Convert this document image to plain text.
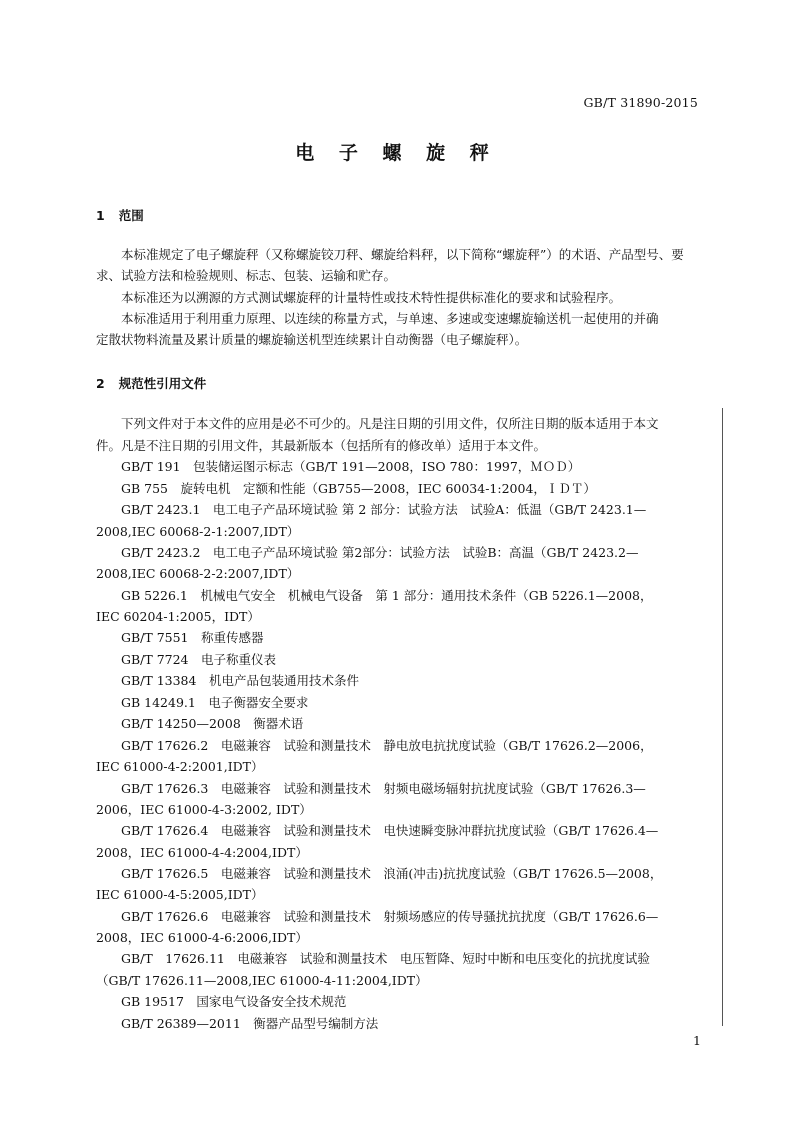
GB/T 31890-2015
电 子 螺 旋 秤
1 范围
本标准规定了电子螺旋秤（又称螺旋铰刀秤、螺旋给料秤，以下简称“螺旋秤”）的术语、产品型号、要
求、试验方法和检验规则、标志、包装、运输和贮存。
本标准还为以溯源的方式测试螺旋秤的计量特性或技术特性提供标准化的要求和试验程序。
本标准适用于利用重力原理、以连续的称量方式，与单速、多速或变速螺旋输送机一起使用的并确
定散状物料流量及累计质量的螺旋输送机型连续累计自动衡器（电子螺旋秤）。
2 规范性引用文件
下列文件对于本文件的应用是必不可少的。凡是注日期的引用文件，仅所注日期的版本适用于本文
件。凡是不注日期的引用文件，其最新版本（包括所有的修改单）适用于本文件。
GB/T 191　包装储运图示标志（GB/T 191—2008，ISO 780：1997，ＭＯＤ）
GB 755　旋转电机　定额和性能（GB755—2008，IEC 60034-1:2004，ＩＤＴ）
GB/T 2423.1　电工电子产品环境试验 第 2 部分：试验方法　试验A：低温（GB/T 2423.1—
2008,IEC 60068-2-1:2007,IDT）
GB/T 2423.2　电工电子产品环境试验 第2部分：试验方法　试验B：高温（GB/T 2423.2—
2008,IEC 60068-2-2:2007,IDT）
GB 5226.1　机械电气安全　机械电气设备　第 1 部分：通用技术条件（GB 5226.1—2008，
IEC 60204-1:2005，IDT）
GB/T 7551　称重传感器
GB/T 7724　电子称重仪表
GB/T 13384　机电产品包装通用技术条件
GB 14249.1　电子衡器安全要求
GB/T 14250—2008　衡器术语
GB/T 17626.2　电磁兼容　试验和测量技术　静电放电抗扰度试验（GB/T 17626.2—2006，
IEC 61000-4-2:2001,IDT）
GB/T 17626.3　电磁兼容　试验和测量技术　射频电磁场辐射抗扰度试验（GB/T 17626.3—
2006，IEC 61000-4-3:2002, IDT）
GB/T 17626.4　电磁兼容　试验和测量技术　电快速瞬变脉冲群抗扰度试验（GB/T 17626.4—
2008，IEC 61000-4-4:2004,IDT）
GB/T 17626.5　电磁兼容　试验和测量技术　浪涌(冲击)抗扰度试验（GB/T 17626.5—2008，
IEC 61000-4-5:2005,IDT）
GB/T 17626.6　电磁兼容　试验和测量技术　射频场感应的传导骚扰抗扰度（GB/T 17626.6—
2008，IEC 61000-4-6:2006,IDT）
GB/T　17626.11　电磁兼容　试验和测量技术　电压暂降、短时中断和电压变化的抗扰度试验
（GB/T 17626.11—2008,IEC 61000-4-11:2004,IDT）
GB 19517　国家电气设备安全技术规范
GB/T 26389—2011　衡器产品型号编制方法
1
